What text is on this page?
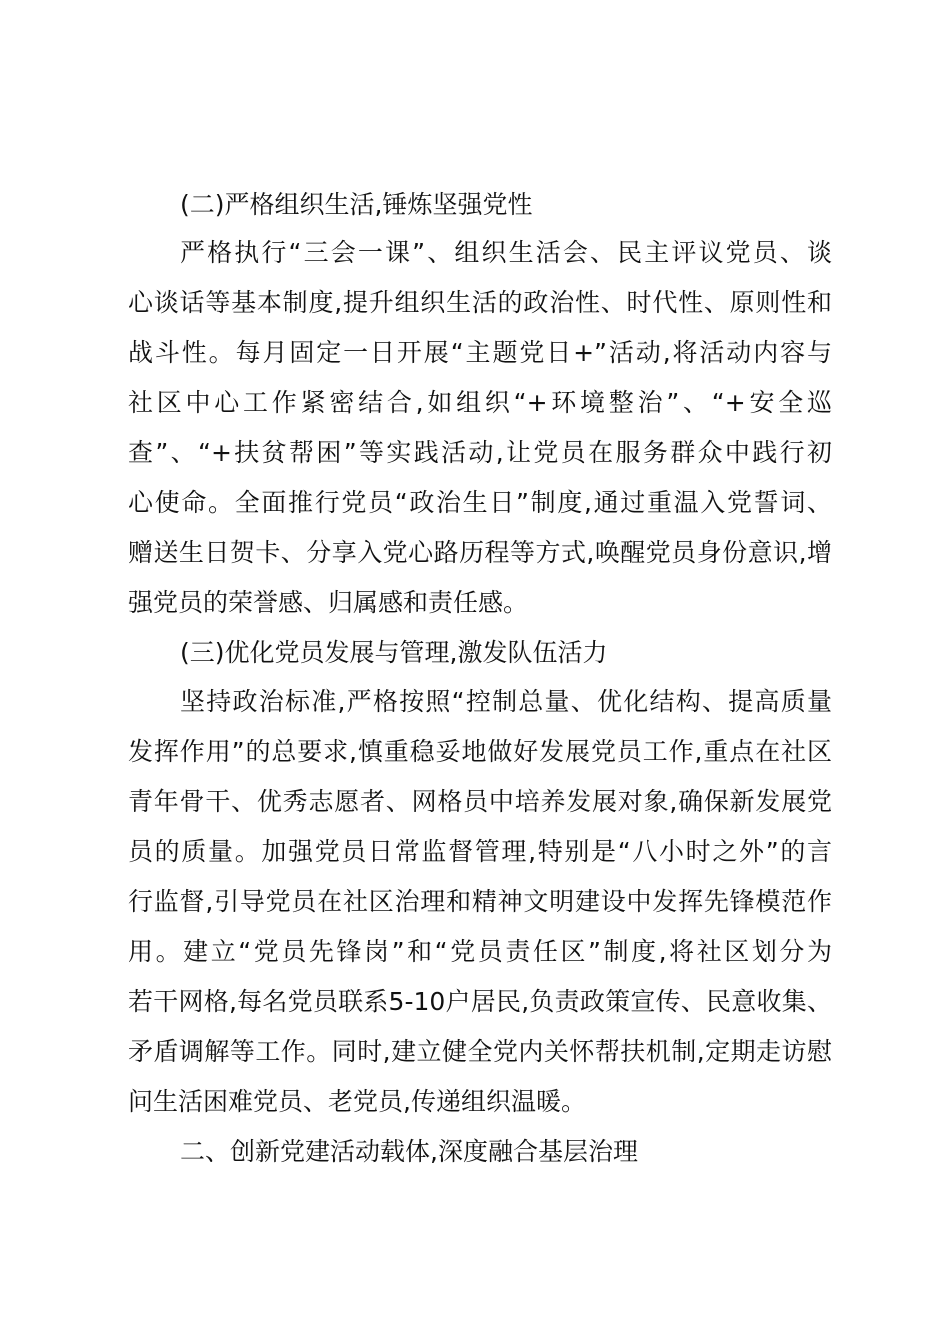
(二)严格组织生活,锤炼坚强党性
严格执行“三会一课”、组织生活会、民主评议党员、谈
心谈话等基本制度,提升组织生活的政治性、时代性、原则性和
战斗性。每月固定一日开展“主题党日+”活动,将活动内容与
社区中心工作紧密结合,如组织“+环境整治”、“+安全巡
查”、“+扶贫帮困”等实践活动,让党员在服务群众中践行初
心使命。全面推行党员“政治生日”制度,通过重温入党誓词、
赠送生日贺卡、分享入党心路历程等方式,唤醒党员身份意识,增
强党员的荣誉感、归属感和责任感。
(三)优化党员发展与管理,激发队伍活力
坚持政治标准,严格按照“控制总量、优化结构、提高质量
发挥作用”的总要求,慎重稳妥地做好发展党员工作,重点在社区
青年骨干、优秀志愿者、网格员中培养发展对象,确保新发展党
员的质量。加强党员日常监督管理,特别是“八小时之外”的言
行监督,引导党员在社区治理和精神文明建设中发挥先锋模范作
用。建立“党员先锋岗”和“党员责任区”制度,将社区划分为
若干网格,每名党员联系5-10户居民,负责政策宣传、民意收集、
矛盾调解等工作。同时,建立健全党内关怀帮扶机制,定期走访慰
问生活困难党员、老党员,传递组织温暖。
二、创新党建活动载体,深度融合基层治理
